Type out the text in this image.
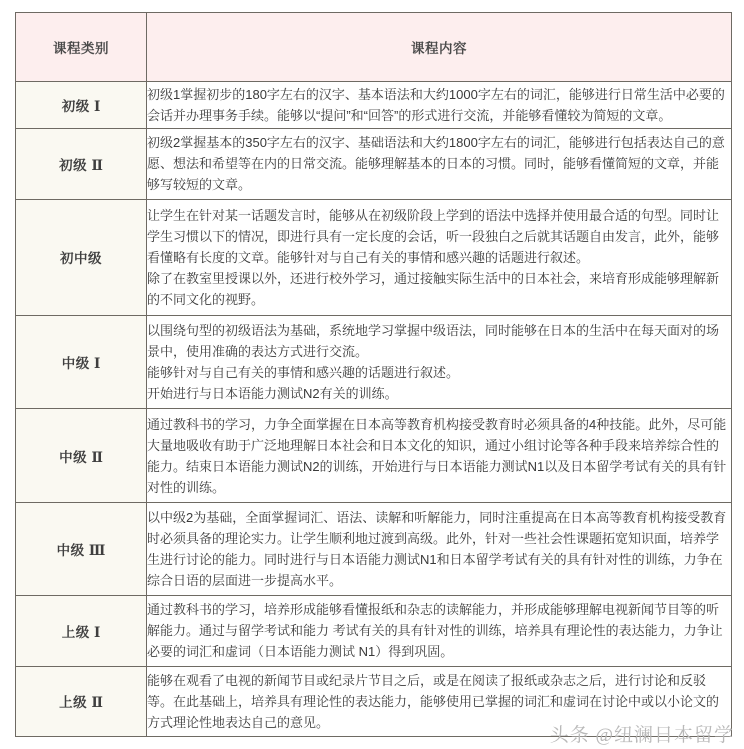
课程类别	课程内容
初级 Ⅰ	初级1掌握初步的180字左右的汉字、基本语法和大约1000字左右的词汇，能够进行日常生活中必要的会话并办理事务手续。能够以“提问”和“回答”的形式进行交流，并能够看懂较为简短的文章。

初级 Ⅱ	初级2掌握基本的350字左右的汉字、基础语法和大约1800字左右的词汇，能够进行包括表达自己的意愿、想法和希望等在内的日常交流。能够理解基本的日本的习惯。同时，能够看懂简短的文章，并能够写较短的文章。

初中级	让学生在针对某一话题发言时，能够从在初级阶段上学到的语法中选择并使用最合适的句型。同时让学生习惯以下的情况，即进行具有一定长度的会话，听一段独白之后就其话题自由发言，此外，能够看懂略有长度的文章。能够针对与自己有关的事情和感兴趣的话题进行叙述。

除了在教室里授课以外，还进行校外学习，通过接触实际生活中的日本社会，来培育形成能够理解新的不同文化的视野。

中级 Ⅰ	以围绕句型的初级语法为基础，系统地学习掌握中级语法，同时能够在日本的生活中在每天面对的场景中，使用准确的表达方式进行交流。

能够针对与自己有关的事情和感兴趣的话题进行叙述。

开始进行与日本语能力测试N2有关的训练。

中级 Ⅱ	通过教科书的学习，力争全面掌握在日本高等教育机构接受教育时必须具备的4种技能。此外，尽可能大量地吸收有助于广泛地理解日本社会和日本文化的知识，通过小组讨论等各种手段来培养综合性的能力。结束日本语能力测试N2的训练，开始进行与日本语能力测试N1以及日本留学考试有关的具有针对性的训练。

中级 Ⅲ	以中级2为基础，全面掌握词汇、语法、读解和听解能力，同时注重提高在日本高等教育机构接受教育时必须具备的理论实力。让学生顺利地过渡到高级。此外，针对一些社会性课题拓宽知识面，培养学生进行讨论的能力。同时进行与日本语能力测试N1和日本留学考试有关的具有针对性的训练，力争在综合日语的层面进一步提高水平。

上级 Ⅰ	通过教科书的学习，培养形成能够看懂报纸和杂志的读解能力，并形成能够理解电视新闻节目等的听解能力。通过与留学考试和能力 考试有关的具有针对性的训练，培养具有理论性的表达能力，力争让必要的词汇和虚词（日本语能力测试 N1）得到巩固。

上级 Ⅱ	能够在观看了电视的新闻节目或纪录片节目之后，或是在阅读了报纸或杂志之后，进行讨论和反驳等。在此基础上，培养具有理论性的表达能力，能够使用已掌握的词汇和虚词在讨论中或以小论文的方式理论性地表达自己的意见。

头条 @纽澜日本留学
